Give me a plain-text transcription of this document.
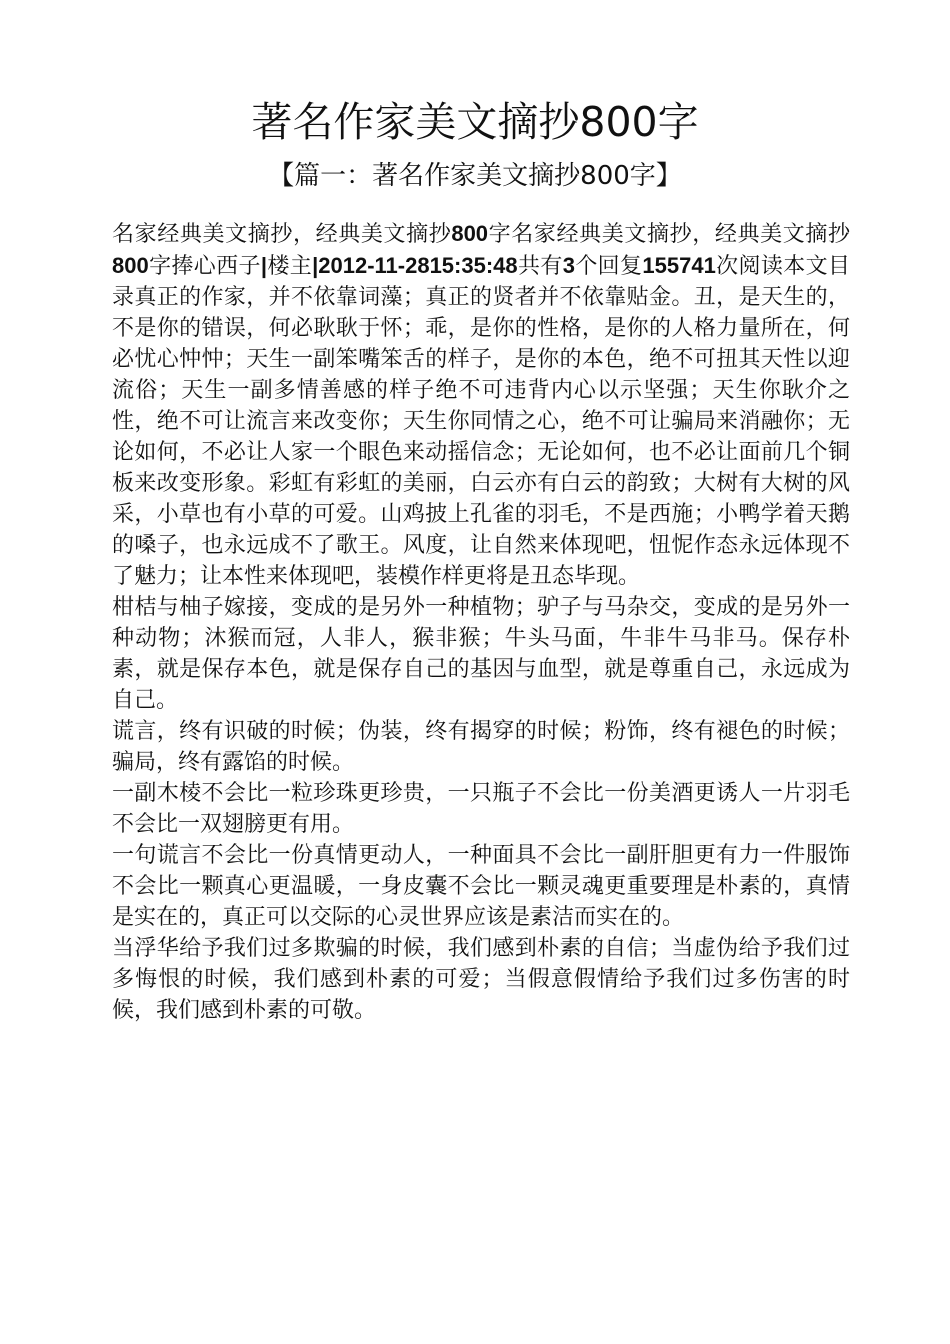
著名作家美文摘抄800字
【篇一：著名作家美文摘抄800字】

名家经典美文摘抄，经典美文摘抄800字名家经典美文摘抄，经典美文摘抄800字捧心西子|楼主|2012-11-2815:35:48共有3个回复155741次阅读本文目录真正的作家，并不依靠词藻；真正的贤者并不依靠贴金。丑，是天生的，不是你的错误，何必耿耿于怀；乖，是你的性格，是你的人格力量所在，何必忧心忡忡；天生一副笨嘴笨舌的样子，是你的本色，绝不可扭其天性以迎流俗；天生一副多情善感的样子绝不可违背内心以示坚强；天生你耿介之性，绝不可让流言来改变你；天生你同情之心，绝不可让骗局来消融你；无论如何，不必让人家一个眼色来动摇信念；无论如何，也不必让面前几个铜板来改变形象。彩虹有彩虹的美丽，白云亦有白云的韵致；大树有大树的风采，小草也有小草的可爱。山鸡披上孔雀的羽毛，不是西施；小鸭学着天鹅的嗓子，也永远成不了歌王。风度，让自然来体现吧，忸怩作态永远体现不了魅力；让本性来体现吧，装模作样更将是丑态毕现。

柑桔与柚子嫁接，变成的是另外一种植物；驴子与马杂交，变成的是另外一种动物；沐猴而冠，人非人，猴非猴；牛头马面，牛非牛马非马。保存朴素，就是保存本色，就是保存自己的基因与血型，就是尊重自己，永远成为自己。

谎言，终有识破的时候；伪装，终有揭穿的时候；粉饰，终有褪色的时候；骗局，终有露馅的时候。

一副木棱不会比一粒珍珠更珍贵，一只瓶子不会比一份美酒更诱人一片羽毛不会比一双翅膀更有用。

一句谎言不会比一份真情更动人，一种面具不会比一副肝胆更有力一件服饰不会比一颗真心更温暖，一身皮囊不会比一颗灵魂更重要理是朴素的，真情是实在的，真正可以交际的心灵世界应该是素洁而实在的。

当浮华给予我们过多欺骗的时候，我们感到朴素的自信；当虚伪给予我们过多悔恨的时候，我们感到朴素的可爱；当假意假情给予我们过多伤害的时候，我们感到朴素的可敬。
